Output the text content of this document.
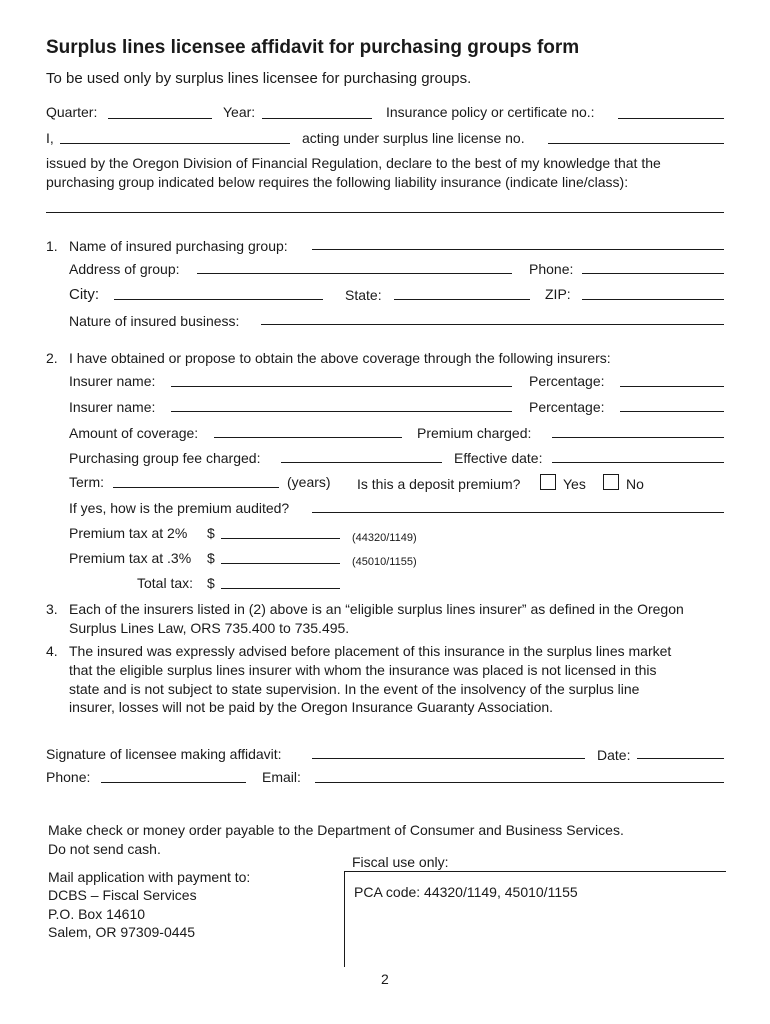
Surplus lines licensee affidavit for purchasing groups form
To be used only by surplus lines licensee for purchasing groups.
Quarter:	Year:	Insurance policy or certificate no.:
I,	acting under surplus line license no.
issued by the Oregon Division of Financial Regulation, declare to the best of my knowledge that the
purchasing group indicated below requires the following liability insurance (indicate line/class):
1. Name of insured purchasing group:
Address of group:	Phone:
City:	State:	ZIP:
Nature of insured business:
2. I have obtained or propose to obtain the above coverage through the following insurers:
Insurer name:	Percentage:
Insurer name:	Percentage:
Amount of coverage:	Premium charged:
Purchasing group fee charged:	Effective date:
Term:	(years) Is this a deposit premium?	Yes	No
If yes, how is the premium audited?
Premium tax at 2% $	(44320/1149)
Premium tax at .3% $	(45010/1155)
Total tax: $
3. Each of the insurers listed in (2) above is an “eligible surplus lines insurer” as defined in the Oregon
Surplus Lines Law, ORS 735.400 to 735.495.
4. The insured was expressly advised before placement of this insurance in the surplus lines market
that the eligible surplus lines insurer with whom the insurance was placed is not licensed in this
state and is not subject to state supervision. In the event of the insolvency of the surplus line
insurer, losses will not be paid by the Oregon Insurance Guaranty Association.
Signature of licensee making affidavit:	Date:
Phone:	Email:
Make check or money order payable to the Department of Consumer and Business Services.
Do not send cash.
Fiscal use only:
PCA code: 44320/1149, 45010/1155
Mail application with payment to:
DCBS – Fiscal Services
P.O. Box 14610
Salem, OR 97309-0445
2
